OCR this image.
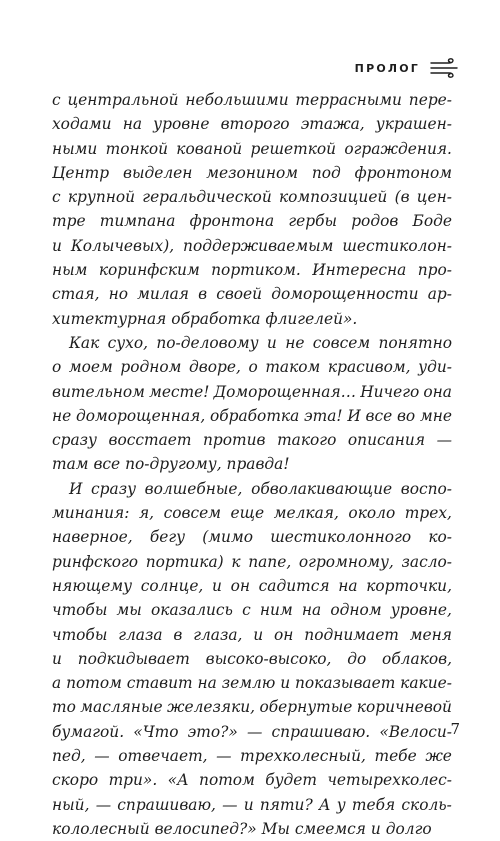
ПРОЛОГ
с центральной небольшими террасными пере-
ходами на уровне второго этажа, украшен-
ными тонкой кованой решеткой ограждения.
Центр выделен мезонином под фронтоном
с крупной геральдической композицией (в цен-
тре тимпана фронтона гербы родов Боде
и Колычевых), поддерживаемым шестиколон-
ным коринфским портиком. Интересна про-
стая, но милая в своей доморощенности ар-
хитектурная обработка флигелей».
Как сухо, по-деловому и не совсем понятно
о моем родном дворе, о таком красивом, уди-
вительном месте! Доморощенная… Ничего она
не доморощенная, обработка эта! И все во мне
сразу восстает против такого описания —
там все по-другому, правда!
И сразу волшебные, обволакивающие воспо-
минания: я, совсем еще мелкая, около трех,
наверное, бегу (мимо шестиколонного ко-
ринфского портика) к папе, огромному, засло-
няющему солнце, и он садится на корточки,
чтобы мы оказались с ним на одном уровне,
чтобы глаза в глаза, и он поднимает меня
и подкидывает высоко-высоко, до облаков,
а потом ставит на землю и показывает какие-
то масляные железяки, обернутые коричневой
бумагой. «Что это?» — спрашиваю. «Велоси-
пед, — отвечает, — трехколесный, тебе же
скоро три». «А потом будет четырехколес-
ный, — спрашиваю, — и пяти? А у тебя сколь-
кололесный велосипед?» Мы смеемся и долго
7
